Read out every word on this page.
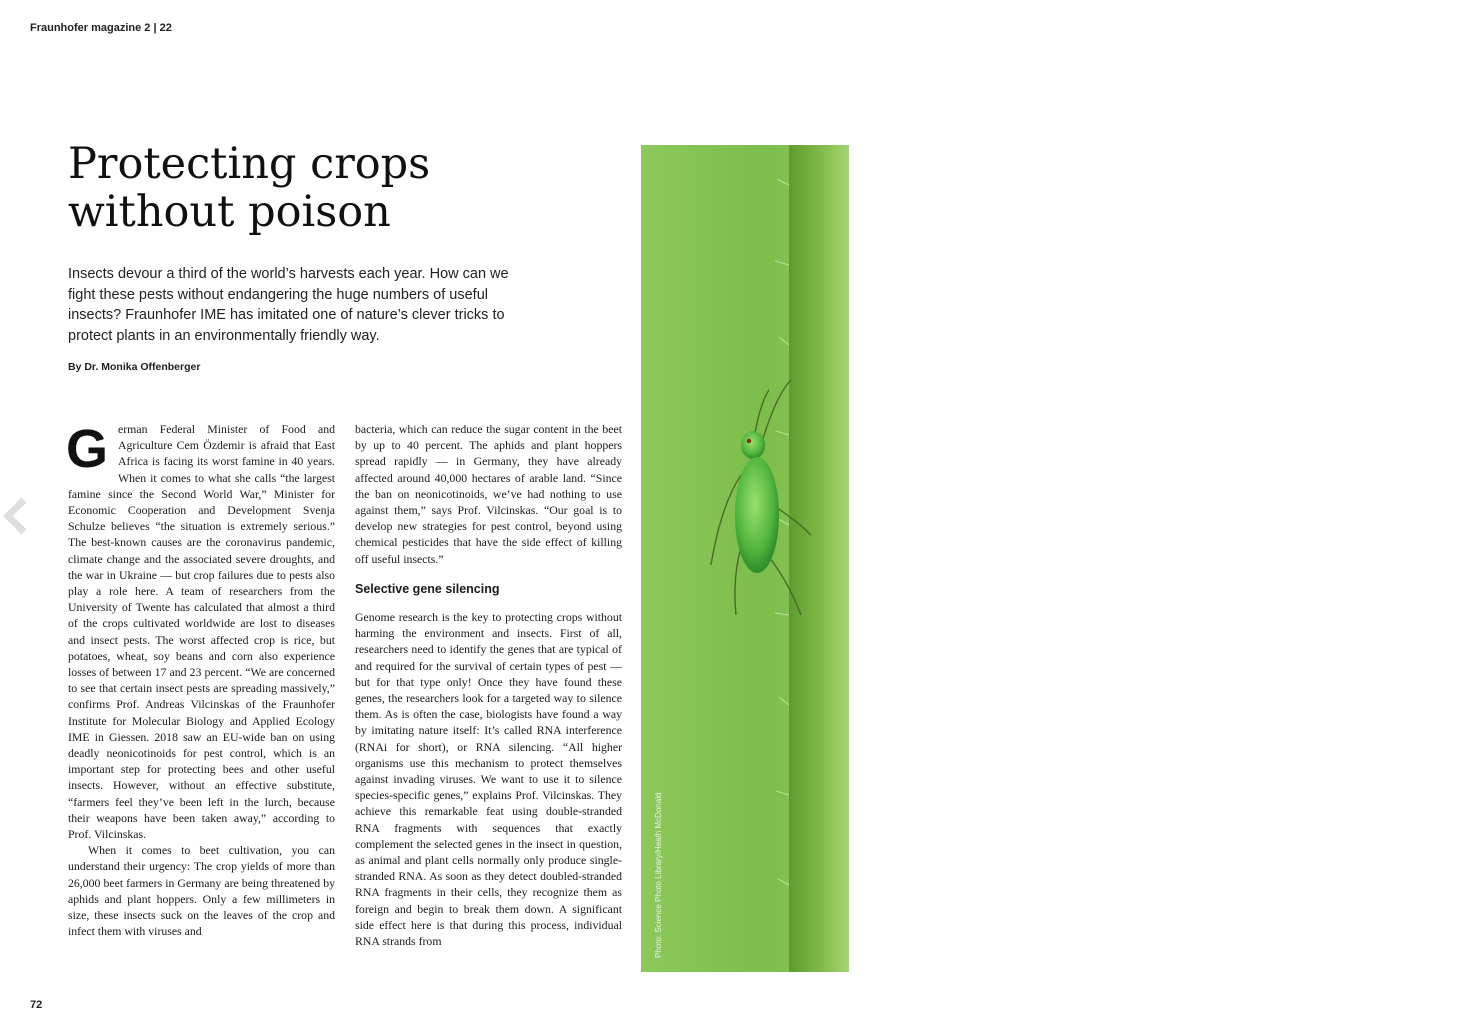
Fraunhofer magazine 2 | 22
Protecting crops
without poison

Insects devour a third of the world’s harvests each year. How can we fight these pests without endangering the huge numbers of useful insects? Fraunhofer IME has imitated one of nature’s clever tricks to protect plants in an environmentally friendly way.

By Dr. Monika Offenberger

G erman Federal Minister of Food and Agriculture Cem Özdemir is afraid that East Africa is facing its worst famine in 40 years. When it comes to what she calls “the largest famine since the Second World War,” Minister for Economic Cooperation and Development Svenja Schulze believes “the situation is extremely serious.” The best-known causes are the coronavirus pandemic, climate change and the associated severe droughts, and the war in Ukraine — but crop failures due to pests also play a role here. A team of researchers from the University of Twente has calculated that almost a third of the crops cultivated worldwide are lost to diseases and insect pests. The worst affected crop is rice, but potatoes, wheat, soy beans and corn also experience losses of between 17 and 23 percent. “We are concerned to see that certain insect pests are spreading massively,” confirms Prof. Andreas Vilcinskas of the Fraunhofer Institute for Molecular Biology and Applied Ecology IME in Giessen. 2018 saw an EU-wide ban on using deadly neonicotinoids for pest control, which is an important step for protecting bees and other useful insects. However, without an effective substitute, “farmers feel they’ve been left in the lurch, because their weapons have been taken away,” according to Prof. Vilcinskas.

When it comes to beet cultivation, you can understand their urgency: The crop yields of more than 26,000 beet farmers in Germany are being threatened by aphids and plant hoppers. Only a few millimeters in size, these insects suck on the leaves of the crop and infect them with viruses and

bacteria, which can reduce the sugar content in the beet by up to 40 percent. The aphids and plant hoppers spread rapidly — in Germany, they have already affected around 40,000 hectares of arable land. “Since the ban on neonicotinoids, we’ve had nothing to use against them,” says Prof. Vilcinskas. “Our goal is to develop new strategies for pest control, beyond using chemical pesticides that have the side effect of killing off useful insects.”

Selective gene silencing

Genome research is the key to protecting crops without harming the environment and insects. First of all, researchers need to identify the genes that are typical of and required for the survival of certain types of pest — but for that type only! Once they have found these genes, the researchers look for a targeted way to silence them. As is often the case, biologists have found a way by imitating nature itself: It’s called RNA interference (RNAi for short), or RNA silencing. “All higher organisms use this mechanism to protect themselves against invading viruses. We want to use it to silence species-specific genes,” explains Prof. Vilcinskas. They achieve this remarkable feat using double-stranded RNA fragments with sequences that exactly complement the selected genes in the insect in question, as animal and plant cells normally only produce single-stranded RNA. As soon as they detect doubled-stranded RNA fragments in their cells, they recognize them as foreign and begin to break them down. A significant side effect here is that during this process, individual RNA strands from

Double trouble:
When biting and sucking on plants, aphids also transmit viruses and bacteria.
Photo: Science Photo Library/Heath McDonald
72
